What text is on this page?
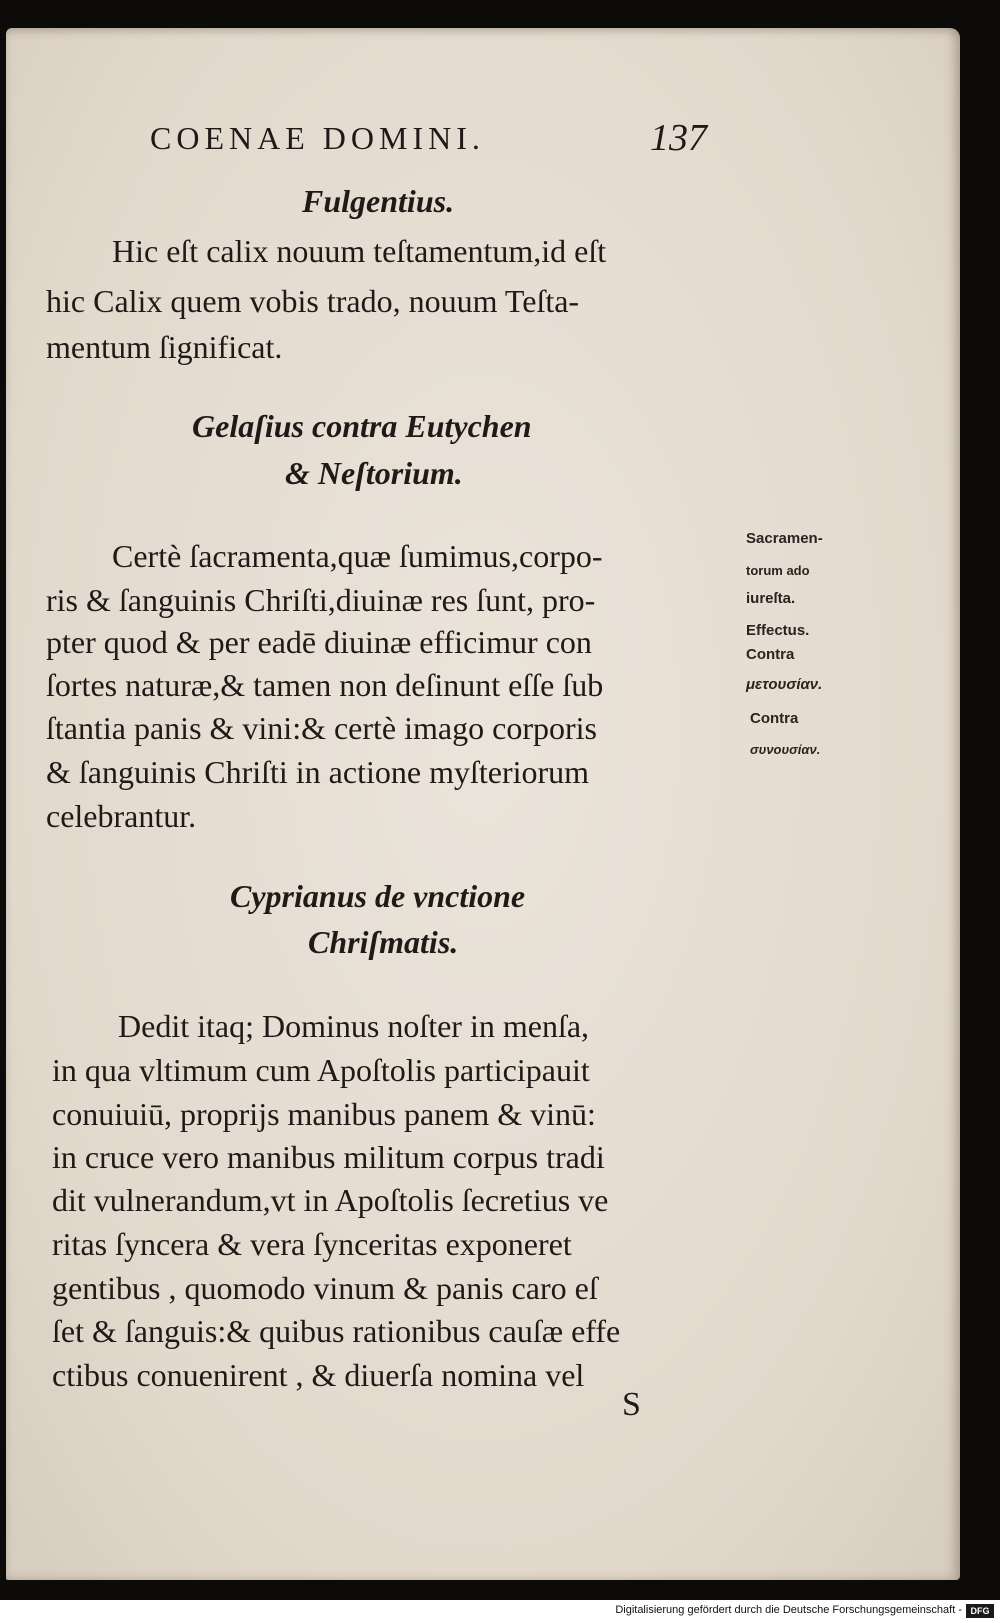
COENAE DOMINI.	137
Fulgentius.
Hic eſt calix nouum teſtamentum,id eſt
hic Calix quem vobis trado, nouum Teſta-
mentum ſignificat.
Gelaſius contra Eutychen
& Neſtorium.
Certè ſacramenta,quæ ſumimus,corpo-
ris & ſanguinis Chriſti,diuinæ res ſunt, pro-
pter quod & per eadē diuinæ efficimur con
ſortes naturæ,& tamen non deſinunt eſſe ſub
ſtantia panis & vini:& certè imago corporis
& ſanguinis Chriſti in actione myſteriorum
celebrantur.
Sacramen-
torum ado
iureſta.
Effectus.
Contra
μετουσίαν.
Contra
συνουσίαν.
Cyprianus de vnctione
Chriſmatis.
Dedit itaq; Dominus noſter in menſa,
in qua vltimum cum Apoſtolis participauit
conuiuiū, proprijs manibus panem & vinū:
in cruce vero manibus militum corpus tradi
dit vulnerandum,vt in Apoſtolis ſecretius ve
ritas ſyncera & vera ſynceritas exponeret
gentibus , quomodo vinum & panis caro eſ
ſet & ſanguis:& quibus rationibus cauſæ effe
ctibus conuenirent , & diuerſa nomina vel
S
Digitalisierung gefördert durch die Deutsche Forschungsgemeinschaft - DFG
